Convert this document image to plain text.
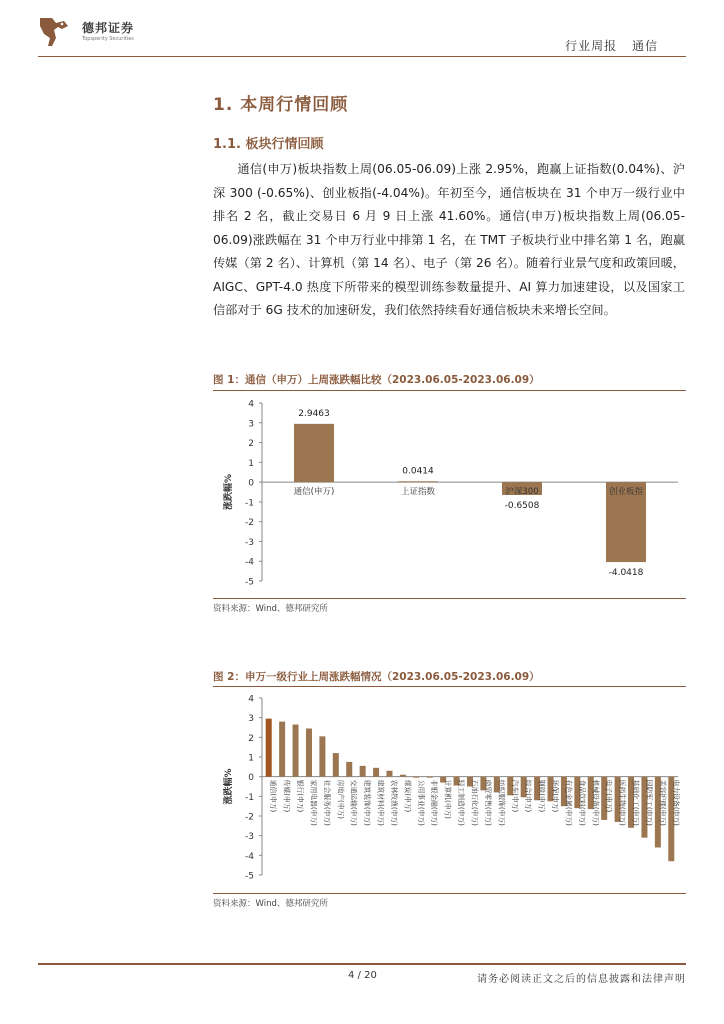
德邦证券
Topsperity Securities	行业周报 通信
1. 本周行情回顾
1.1. 板块行情回顾
通信(申万)板块指数上周(06.05-06.09)上涨 2.95%，跑赢上证指数(0.04%)、沪深 300 (-0.65%)、创业板指(-4.04%)。年初至今，通信板块在 31 个申万一级行业中排名 2 名，截止交易日 6 月 9 日上涨 41.60%。通信(申万)板块指数上周(06.05-06.09)涨跌幅在 31 个申万行业中排第 1 名，在 TMT 子板块行业中排名第 1 名，跑赢传媒（第 2 名）、计算机（第 14 名）、电子（第 26 名）。随着行业景气度和政策回暖，AIGC、GPT-4.0 热度下所带来的模型训练参数量提升、AI 算力加速建设，以及国家工信部对于 6G 技术的加速研发，我们依然持续看好通信板块未来增长空间。
图 1：通信（申万）上周涨跌幅比较（2023.06.05-2023.06.09）
4
3
2
1
0
-1
-2
-3
-4
-5
涨跌幅%	通信(申万)
2.9463
上证指数
0.0414
沪深300
-0.6508
创业板指
-4.0418
资料来源：Wind、德邦研究所
图 2：申万一级行业上周涨跌幅情况（2023.06.05-2023.06.09）
4
3
2
1
0
-1
-2
-3
-4
-5
涨跌幅%	通信(申万) 传媒(申万) 银行(申万) 家用电器(申万) 社会服务(申万) 房地产(申万) 交通运输(申万) 建筑装饰(申万) 建筑材料(申万) 农林牧渔(申万) 煤炭(申万) 公用事业(申万) 非银金融(申万) 计算机(申万) 轻工制造(申万) 石油石化(申万) 商贸零售(申万) 纺织服饰(申万) 汽车(申万) 综合(申万) 钢铁(申万) 环保(申万) 有色金属(申万) 食品饮料(申万) 机械设备(申万) 电子(申万) 医药生物(申万) 基础化工(申万) 国防军工(申万) 美容护理(申万) 电力设备(申万)
资料来源：Wind、德邦研究所
4 / 20	请务必阅读正文之后的信息披露和法律声明
